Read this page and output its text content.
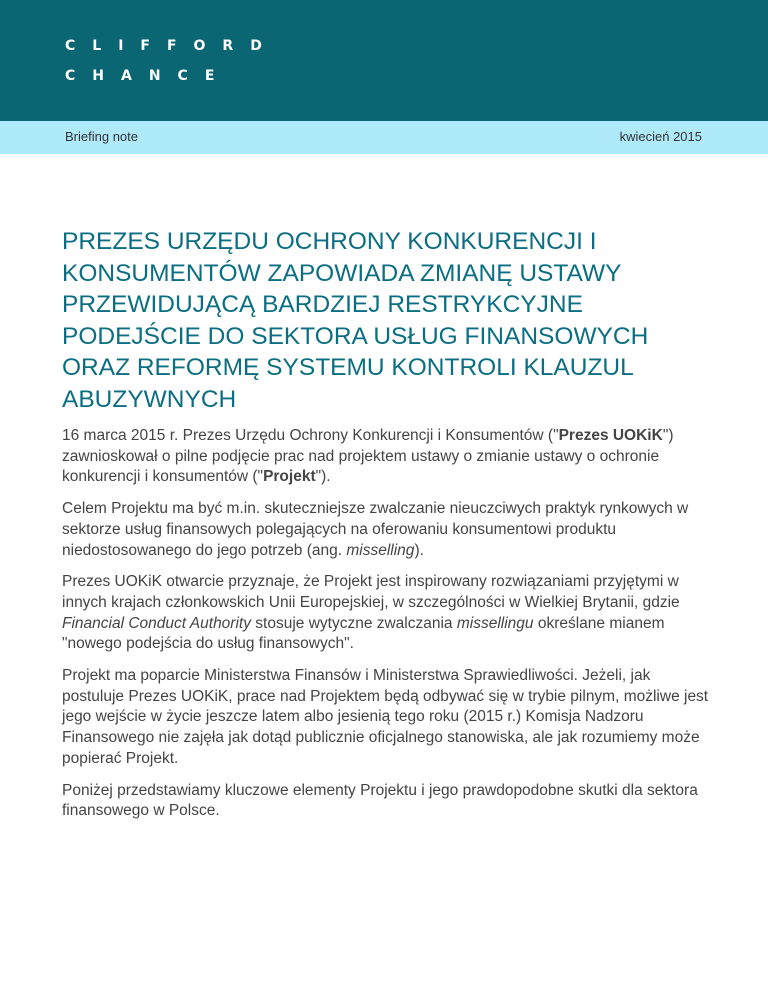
CLIFFORD
CHANCE
Briefing note	kwiecień 2015
PREZES URZĘDU OCHRONY KONKURENCJI I KONSUMENTÓW ZAPOWIADA ZMIANĘ USTAWY PRZEWIDUJĄCĄ BARDZIEJ RESTRYKCYJNE PODEJŚCIE DO SEKTORA USŁUG FINANSOWYCH ORAZ REFORMĘ SYSTEMU KONTROLI KLAUZUL ABUZYWNYCH

16 marca 2015 r. Prezes Urzędu Ochrony Konkurencji i Konsumentów ("Prezes UOKiK") zawnioskował o pilne podjęcie prac nad projektem ustawy o zmianie ustawy o ochronie konkurencji i konsumentów ("Projekt").

Celem Projektu ma być m.in. skuteczniejsze zwalczanie nieuczciwych praktyk rynkowych w sektorze usług finansowych polegających na oferowaniu konsumentowi produktu niedostosowanego do jego potrzeb (ang. misselling).

Prezes UOKiK otwarcie przyznaje, że Projekt jest inspirowany rozwiązaniami przyjętymi w innych krajach członkowskich Unii Europejskiej, w szczególności w Wielkiej Brytanii, gdzie Financial Conduct Authority stosuje wytyczne zwalczania missellingu określane mianem "nowego podejścia do usług finansowych".

Projekt ma poparcie Ministerstwa Finansów i Ministerstwa Sprawiedliwości. Jeżeli, jak postuluje Prezes UOKiK, prace nad Projektem będą odbywać się w trybie pilnym, możliwe jest jego wejście w życie jeszcze latem albo jesienią tego roku (2015 r.) Komisja Nadzoru Finansowego nie zajęła jak dotąd publicznie oficjalnego stanowiska, ale jak rozumiemy może popierać Projekt.

Poniżej przedstawiamy kluczowe elementy Projektu i jego prawdopodobne skutki dla sektora finansowego w Polsce.
